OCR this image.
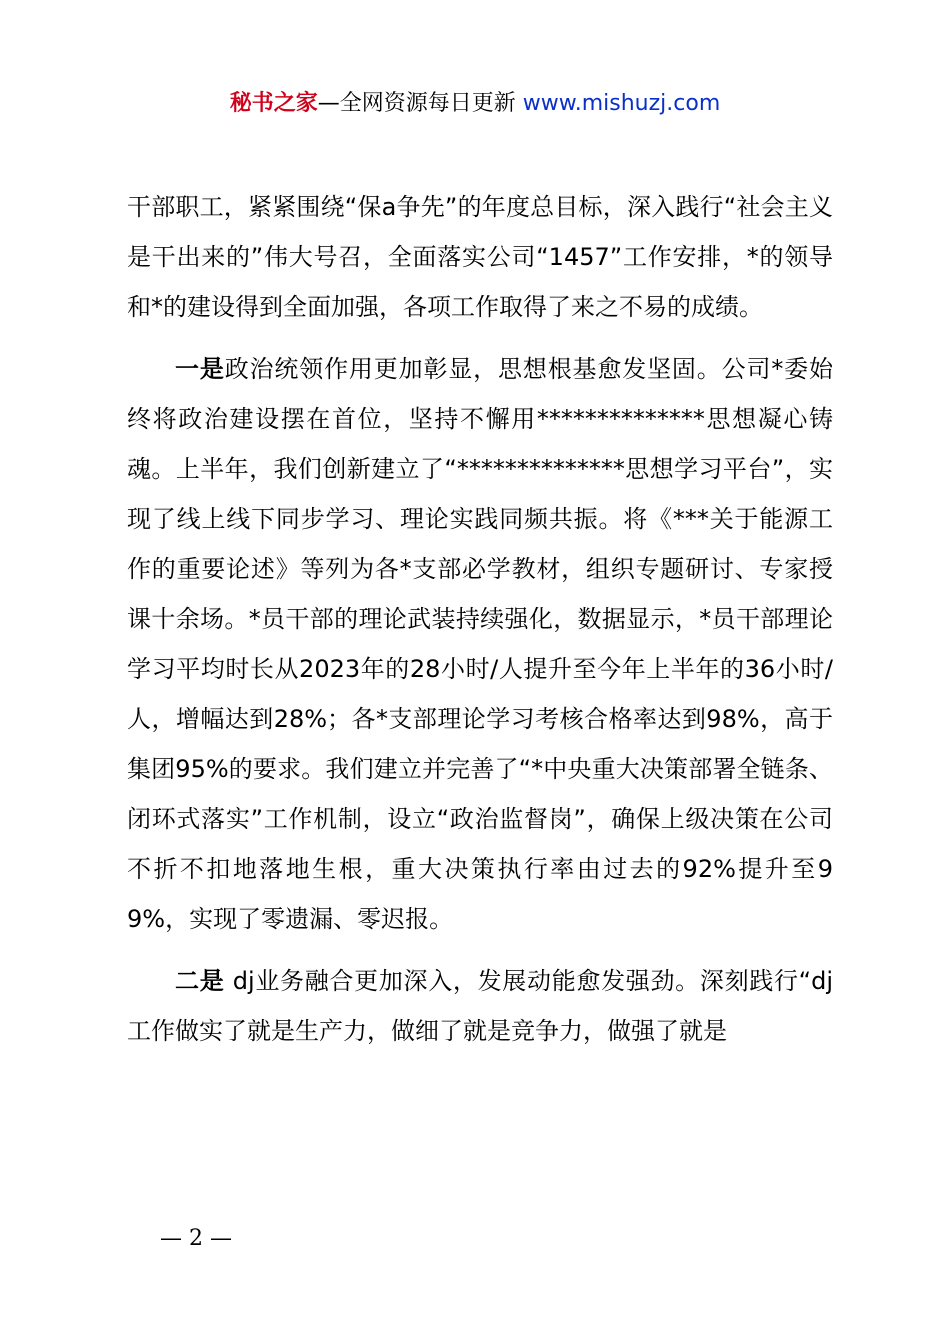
秘书之家—全网资源每日更新 www.mishuzj.com

干部职工，紧紧围绕“保a争先”的年度总目标，深入践行“社会主义是干出来的”伟大号召，全面落实公司“1457”工作安排，*的领导和*的建设得到全面加强，各项工作取得了来之不易的成绩。

一是政治统领作用更加彰显，思想根基愈发坚固。公司*委始终将政治建设摆在首位，坚持不懈用**************思想凝心铸魂。上半年，我们创新建立了“**************思想学习平台”，实现了线上线下同步学习、理论实践同频共振。将《***关于能源工作的重要论述》等列为各*支部必学教材，组织专题研讨、专家授课十余场。*员干部的理论武装持续强化，数据显示，*员干部理论学习平均时长从2023年的28小时/人提升至今年上半年的36小时/人，增幅达到28%；各*支部理论学习考核合格率达到98%，高于集团95%的要求。我们建立并完善了“*中央重大决策部署全链条、闭环式落实”工作机制，设立“政治监督岗”，确保上级决策在公司不折不扣地落地生根，重大决策执行率由过去的92%提升至99%，实现了零遗漏、零迟报。

二是 dj业务融合更加深入，发展动能愈发强劲。深刻践行“dj工作做实了就是生产力，做细了就是竞争力，做强了就是

— 2 —
